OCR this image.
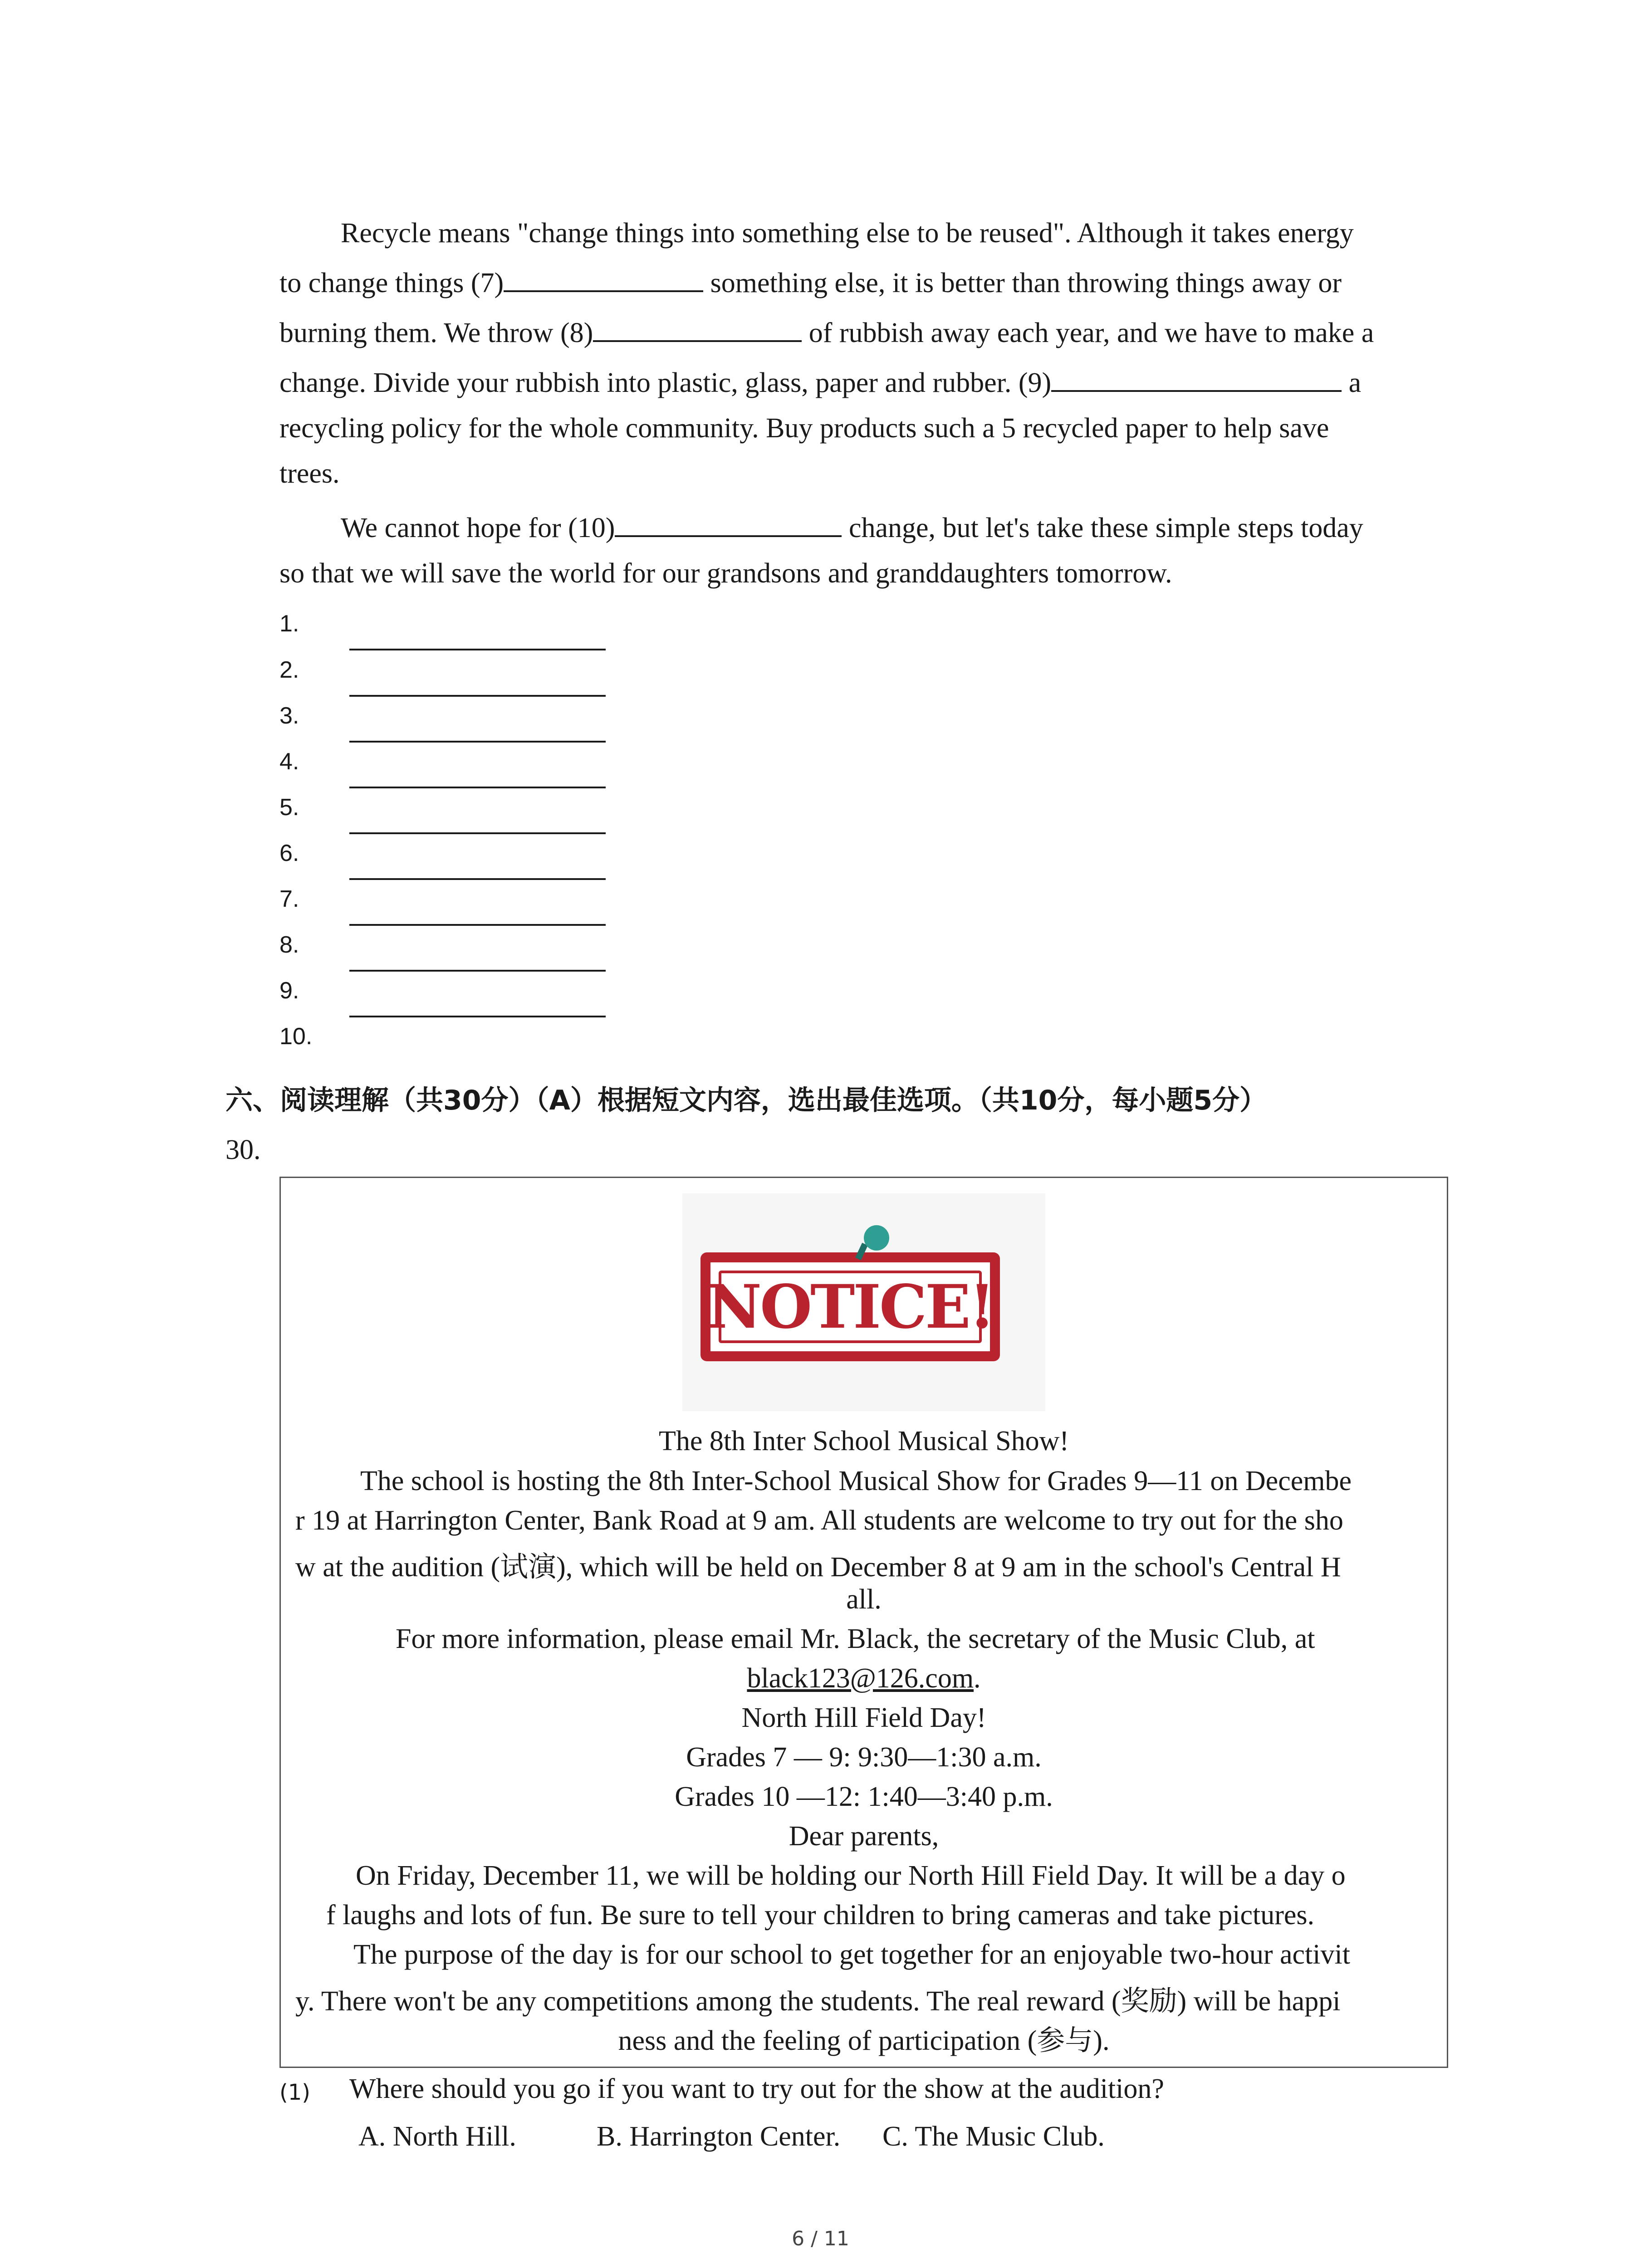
Recycle means "change things into something else to be reused". Although it takes energy
to change things (7)	something else, it is better than throwing things away or
burning them. We throw (8)	of rubbish away each year, and we have to make a
change. Divide your rubbish into plastic, glass, paper and rubber. (9)	a
recycling policy for the whole community. Buy products such a 5 recycled paper to help save
trees.
We cannot hope for (10)	change, but let's take these simple steps today
so that we will save the world for our grandsons and granddaughters tomorrow.
1.
2.
3.
4.
5.
6.
7.
8.
9.
10.
六、阅读理解（共30分）（A）根据短文内容，选出最佳选项。（共10分，每小题5分）
30.
NOTICE!
The 8th Inter School Musical Show!
The school is hosting the 8th Inter-School Musical Show for Grades 9—11 on Decembe
r 19 at Harrington Center, Bank Road at 9 am. All students are welcome to try out for the sho
w at the audition (试演), which will be held on December 8 at 9 am in the school's Central H
all.
For more information, please email Mr. Black, the secretary of the Music Club, at
black123@126.com.
North Hill Field Day!
Grades 7 — 9: 9:30—1:30 a.m.
Grades 10 —12: 1:40—3:40 p.m.
Dear parents,
On Friday, December 11, we will be holding our North Hill Field Day. It will be a day o
f laughs and lots of fun. Be sure to tell your children to bring cameras and take pictures.
The purpose of the day is for our school to get together for an enjoyable two-hour activit
y. There won't be any competitions among the students. The real reward (奖励) will be happi
ness and the feeling of participation (参与).
(1) Where should you go if you want to try out for the show at the audition?
A. North Hill.	B. Harrington Center. C. The Music Club.
6 / 11
